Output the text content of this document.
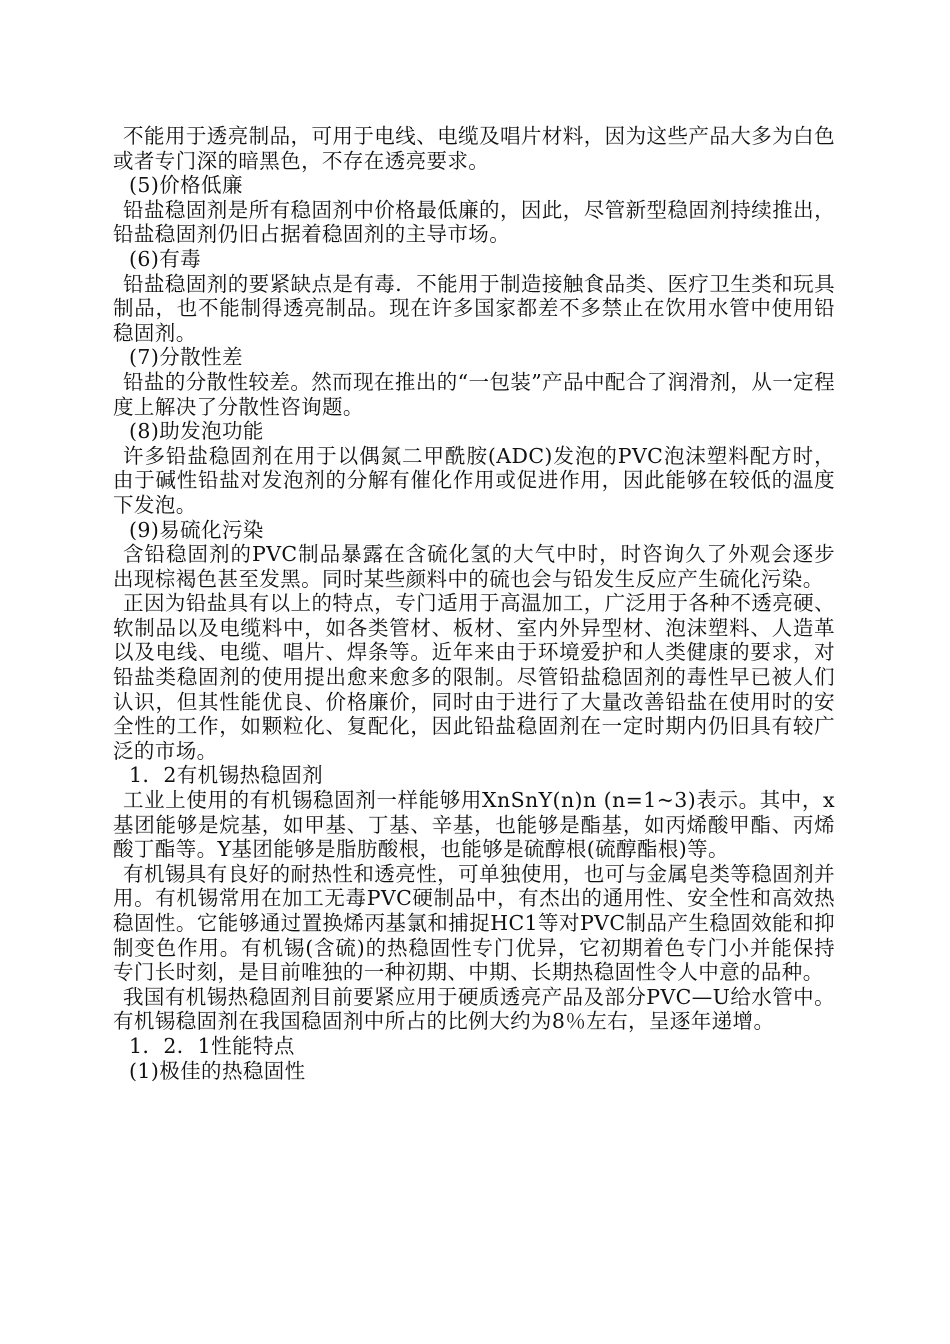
不能用于透亮制品，可用于电线、电缆及唱片材料，因为这些产品大多为白色或者专门深的暗黑色，不存在透亮要求。

(5)价格低廉

铅盐稳固剂是所有稳固剂中价格最低廉的，因此，尽管新型稳固剂持续推出，铅盐稳固剂仍旧占据着稳固剂的主导市场。

(6)有毒

铅盐稳固剂的要紧缺点是有毒．不能用于制造接触食品类、医疗卫生类和玩具制品，也不能制得透亮制品。现在许多国家都差不多禁止在饮用水管中使用铅稳固剂。

(7)分散性差

铅盐的分散性较差。然而现在推出的“一包装”产品中配合了润滑剂，从一定程度上解决了分散性咨询题。

(8)助发泡功能

许多铅盐稳固剂在用于以偶氮二甲酰胺(ADC)发泡的PVC泡沫塑料配方时，由于碱性铅盐对发泡剂的分解有催化作用或促进作用，因此能够在较低的温度下发泡。

(9)易硫化污染

含铅稳固剂的PVC制品暴露在含硫化氢的大气中时，时咨询久了外观会逐步出现棕褐色甚至发黑。同时某些颜料中的硫也会与铅发生反应产生硫化污染。

正因为铅盐具有以上的特点，专门适用于高温加工，广泛用于各种不透亮硬、软制品以及电缆料中，如各类管材、板材、室内外异型材、泡沫塑料、人造革以及电线、电缆、唱片、焊条等。近年来由于环境爱护和人类健康的要求，对铅盐类稳固剂的使用提出愈来愈多的限制。尽管铅盐稳固剂的毒性早已被人们认识，但其性能优良、价格廉价，同时由于进行了大量改善铅盐在使用时的安全性的工作，如颗粒化、复配化，因此铅盐稳固剂在一定时期内仍旧具有较广泛的市场。

1．2有机锡热稳固剂

工业上使用的有机锡稳固剂一样能够用XnSnY(n)n (n=1~3)表示。其中，x基团能够是烷基，如甲基、丁基、辛基，也能够是酯基，如丙烯酸甲酯、丙烯酸丁酯等。Y基团能够是脂肪酸根，也能够是硫醇根(硫醇酯根)等。

有机锡具有良好的耐热性和透亮性，可单独使用，也可与金属皂类等稳固剂并用。有机锡常用在加工无毒PVC硬制品中，有杰出的通用性、安全性和高效热稳固性。它能够通过置换烯丙基氯和捕捉HC1等对PVC制品产生稳固效能和抑制变色作用。有机锡(含硫)的热稳固性专门优异，它初期着色专门小并能保持专门长时刻，是目前唯独的一种初期、中期、长期热稳固性令人中意的品种。

我国有机锡热稳固剂目前要紧应用于硬质透亮产品及部分PVC—U给水管中。有机锡稳固剂在我国稳固剂中所占的比例大约为8％左右，呈逐年递增。

1．2．1性能特点

(1)极佳的热稳固性
